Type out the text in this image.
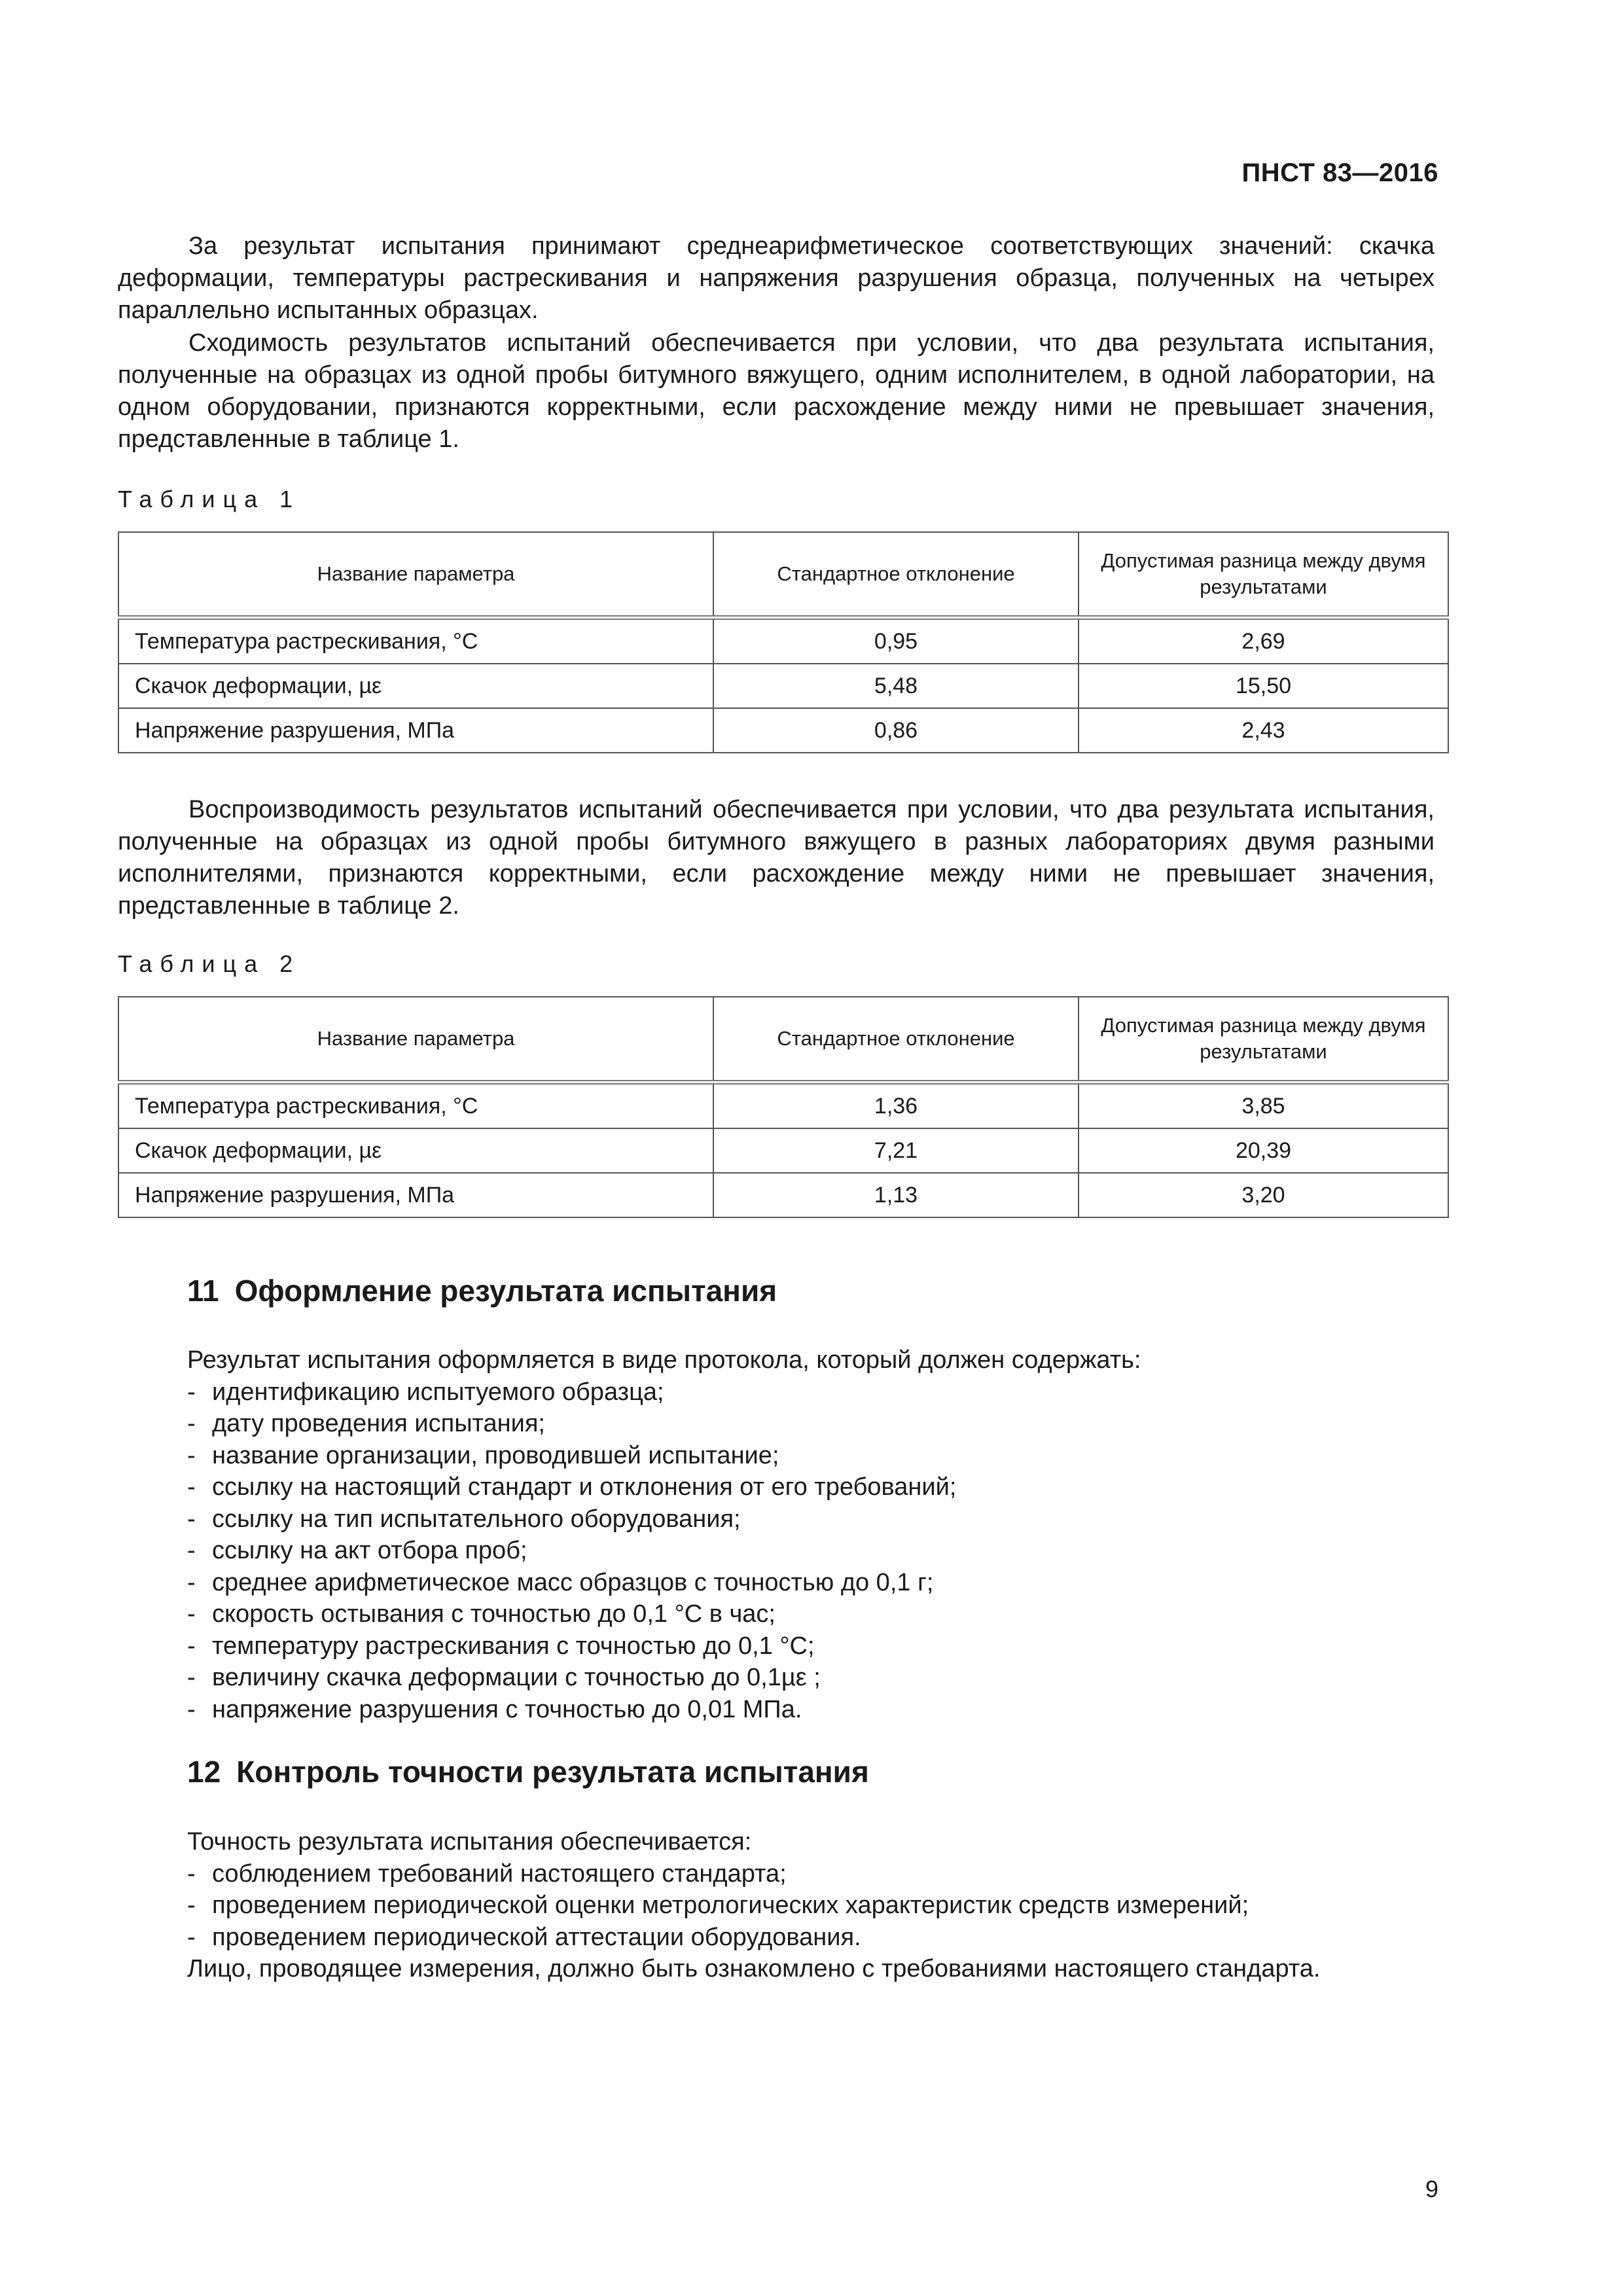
ПНСТ 83—2016

За результат испытания принимают среднеарифметическое соответствующих значений: скачка деформации, температуры растрескивания и напряжения разрушения образца, полученных на четырех параллельно испытанных образцах.

Сходимость результатов испытаний обеспечивается при условии, что два результата испытания, полученные на образцах из одной пробы битумного вяжущего, одним исполнителем, в одной лаборатории, на одном оборудовании, признаются корректными, если расхождение между ними не превышает значения, представленные в таблице 1.

Таблица 1
Название параметра	Стандартное отклонение	Допустимая разница между двумя результатами
Температура растрескивания, °С	0,95	2,69
Скачок деформации, µε	5,48	15,50
Напряжение разрушения, МПа	0,86	2,43

Воспроизводимость результатов испытаний обеспечивается при условии, что два результата испытания, полученные на образцах из одной пробы битумного вяжущего в разных лабораториях двумя разными исполнителями, признаются корректными, если расхождение между ними не превышает значения, представленные в таблице 2.

Таблица 2
Название параметра	Стандартное отклонение	Допустимая разница между двумя результатами
Температура растрескивания, °С	1,36	3,85
Скачок деформации, µε	7,21	20,39
Напряжение разрушения, МПа	1,13	3,20
11 Оформление результата испытания
Результат испытания оформляется в виде протокола, который должен содержать:
- идентификацию испытуемого образца;
- дату проведения испытания;
- название организации, проводившей испытание;
- ссылку на настоящий стандарт и отклонения от его требований;
- ссылку на тип испытательного оборудования;
- ссылку на акт отбора проб;
- среднее арифметическое масс образцов с точностью до 0,1 г;
- скорость остывания с точностью до 0,1 °С в час;
- температуру растрескивания с точностью до 0,1 °С;
- величину скачка деформации с точностью до 0,1µε ;
- напряжение разрушения с точностью до 0,01 МПа.
12 Контроль точности результата испытания
Точность результата испытания обеспечивается:
- соблюдением требований настоящего стандарта;
- проведением периодической оценки метрологических характеристик средств измерений;
- проведением периодической аттестации оборудования.
Лицо, проводящее измерения, должно быть ознакомлено с требованиями настоящего стандарта.
9
